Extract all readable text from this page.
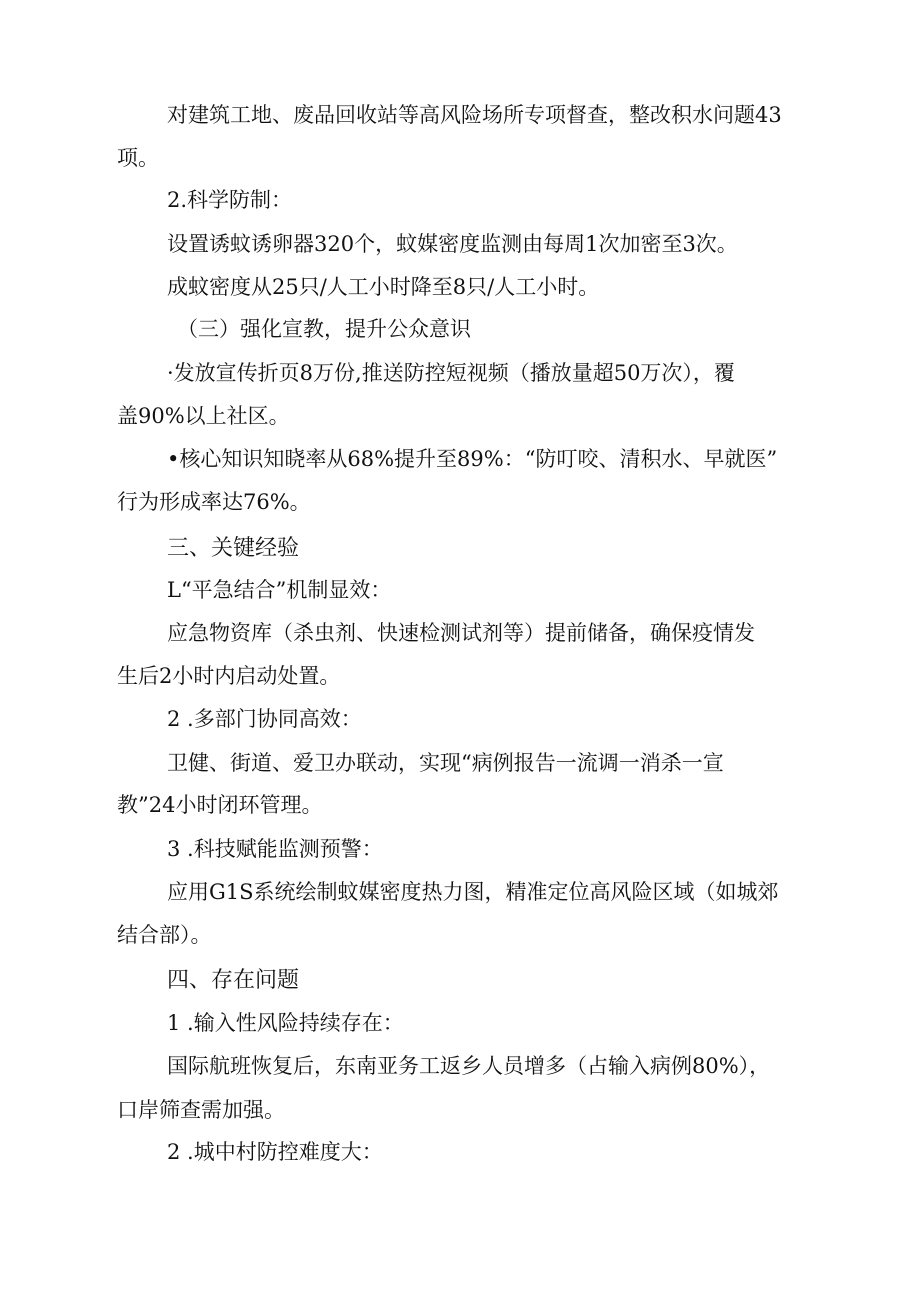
对建筑工地、废品回收站等高风险场所专项督查，整改积水问题43
项。
2.科学防制：
设置诱蚊诱卵器320个，蚊媒密度监测由每周1次加密至3次。
成蚊密度从25只/人工小时降至8只/人工小时。
（三）强化宣教，提升公众意识
·发放宣传折页8万份,推送防控短视频（播放量超50万次），覆
盖90%以上社区。
•核心知识知晓率从68%提升至89%：“防叮咬、清积水、早就医”
行为形成率达76%。
三、关键经验
L“平急结合”机制显效：
应急物资库（杀虫剂、快速检测试剂等）提前储备，确保疫情发
生后2小时内启动处置。
2 .多部门协同高效：
卫健、街道、爱卫办联动，实现“病例报告一流调一消杀一宣
教”24小时闭环管理。
3 .科技赋能监测预警：
应用G1S系统绘制蚊媒密度热力图，精准定位高风险区域（如城郊
结合部）。
四、存在问题
1 .输入性风险持续存在：
国际航班恢复后，东南亚务工返乡人员增多（占输入病例80%），
口岸筛查需加强。
2 .城中村防控难度大：
